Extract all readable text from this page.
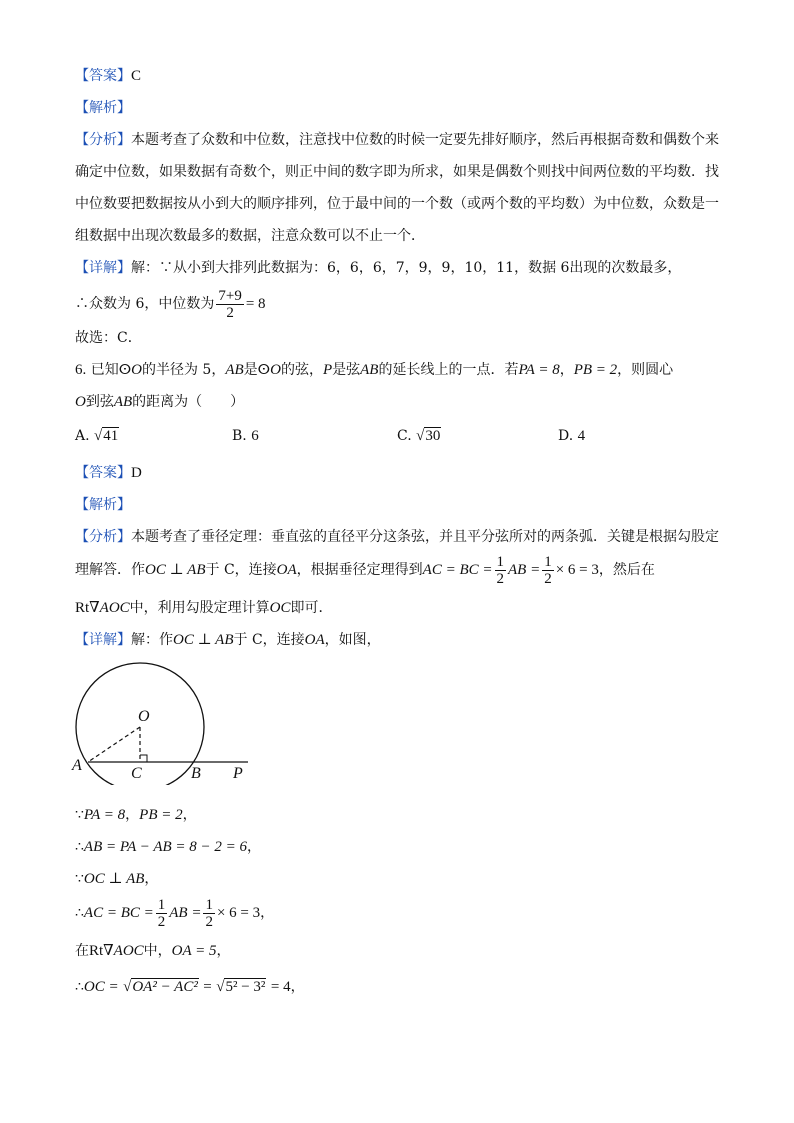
【答案】C
【解析】
【分析】本题考查了众数和中位数，注意找中位数的时候一定要先排好顺序，然后再根据奇数和偶数个来
确定中位数，如果数据有奇数个，则正中间的数字即为所求，如果是偶数个则找中间两位数的平均数．找
中位数要把数据按从小到大的顺序排列，位于最中间的一个数（或两个数的平均数）为中位数，众数是一
组数据中出现次数最多的数据，注意众数可以不止一个．
【详解】解：∵从小到大排列此数据为：6，6，6，7，9，9，10，11，数据 6出现的次数最多，
∴众数为 6，中位数为 $\frac{7+9}{2} = 8$
故选：C．
6. 已知ⵙO的半径为 5，AB是ⵙO的弦，P是弦AB的延长线上的一点．若PA = 8，PB = 2，则圆心
O到弦AB的距离为（　　）
A. √41	B. 6	C. √30	D. 4
【答案】D
【解析】
【分析】本题考查了垂径定理：垂直弦的直径平分这条弦，并且平分弦所对的两条弧．关键是根据勾股定
理解答．作OC ⊥ AB于 C，连接OA，根据垂径定理得到AC = BC = $\frac{1}{2}$ AB = $\frac{1}{2} \times 6 = 3$，然后在
Rt∇AOC中，利用勾股定理计算OC即可．
【详解】解：作OC ⊥ AB于 C，连接OA，如图，
O
A	C	B P
∵PA = 8，PB = 2，
∴AB = PA − AB = 8 − 2 = 6，
∵OC ⊥ AB，
∴AC = BC = $\frac{1}{2}$ AB = $\frac{1}{2} \times 6 = 3$，
在Rt∇AOC中，OA = 5，
∴OC = √OA² − AC² = √5² − 3² = 4，
